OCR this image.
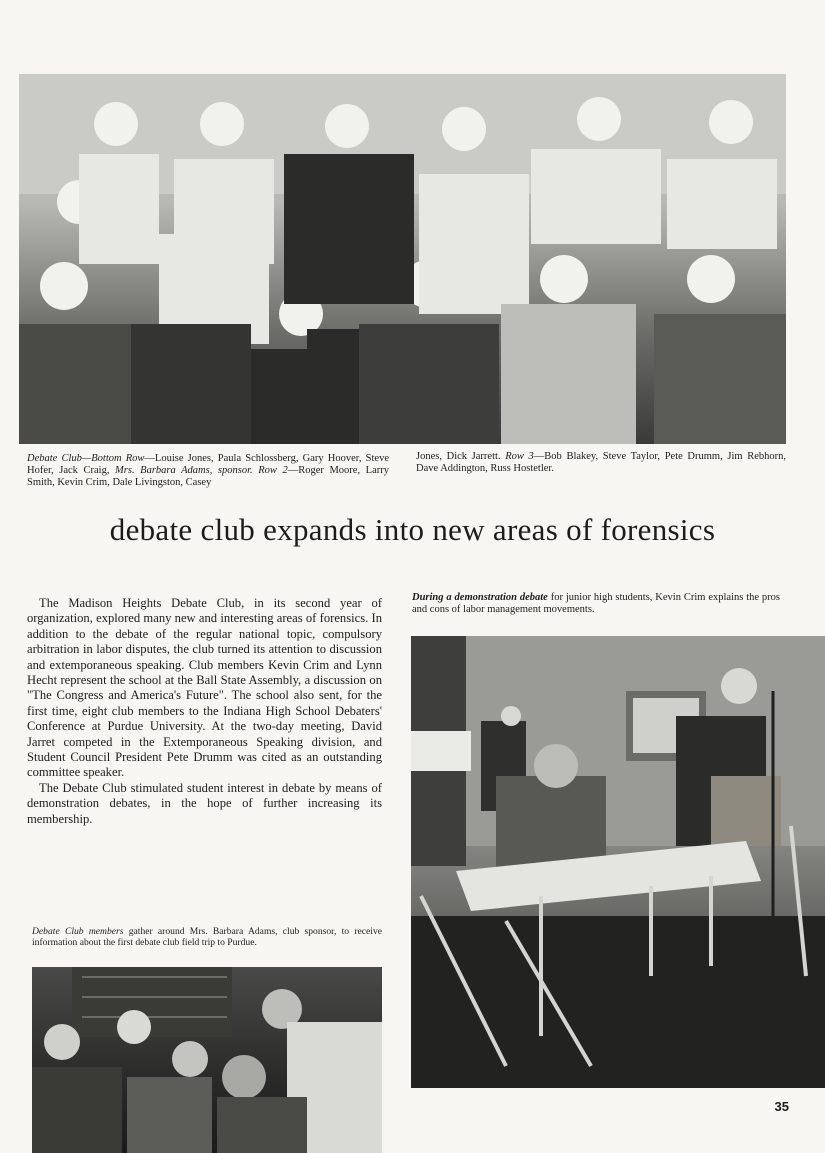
Debate Club—Bottom Row—Louise Jones, Paula Schlossberg, Gary Hoover, Steve Hofer, Jack Craig, Mrs. Barbara Adams, sponsor. Row 2—Roger Moore, Larry Smith, Kevin Crim, Dale Livingston, Casey

Jones, Dick Jarrett. Row 3—Bob Blakey, Steve Taylor, Pete Drumm, Jim Rebhorn, Dave Addington, Russ Hostetler.

debate club expands into new areas of forensics

The Madison Heights Debate Club, in its second year of organization, explored many new and interesting areas of forensics. In addition to the debate of the regular national topic, compulsory arbitration in labor disputes, the club turned its attention to discussion and extemporaneous speaking. Club members Kevin Crim and Lynn Hecht represent the school at the Ball State Assembly, a discussion on "The Congress and America's Future". The school also sent, for the first time, eight club members to the Indiana High School Debaters' Conference at Purdue University. At the two-day meeting, David Jarret competed in the Extemporaneous Speaking division, and Student Council President Pete Drumm was cited as an outstanding committee speaker.

The Debate Club stimulated student interest in debate by means of demonstration debates, in the hope of further increasing its membership.

During a demonstration debate for junior high students, Kevin Crim explains the pros and cons of labor management movements.

Debate Club members gather around Mrs. Barbara Adams, club sponsor, to receive information about the first debate club field trip to Purdue.

35
